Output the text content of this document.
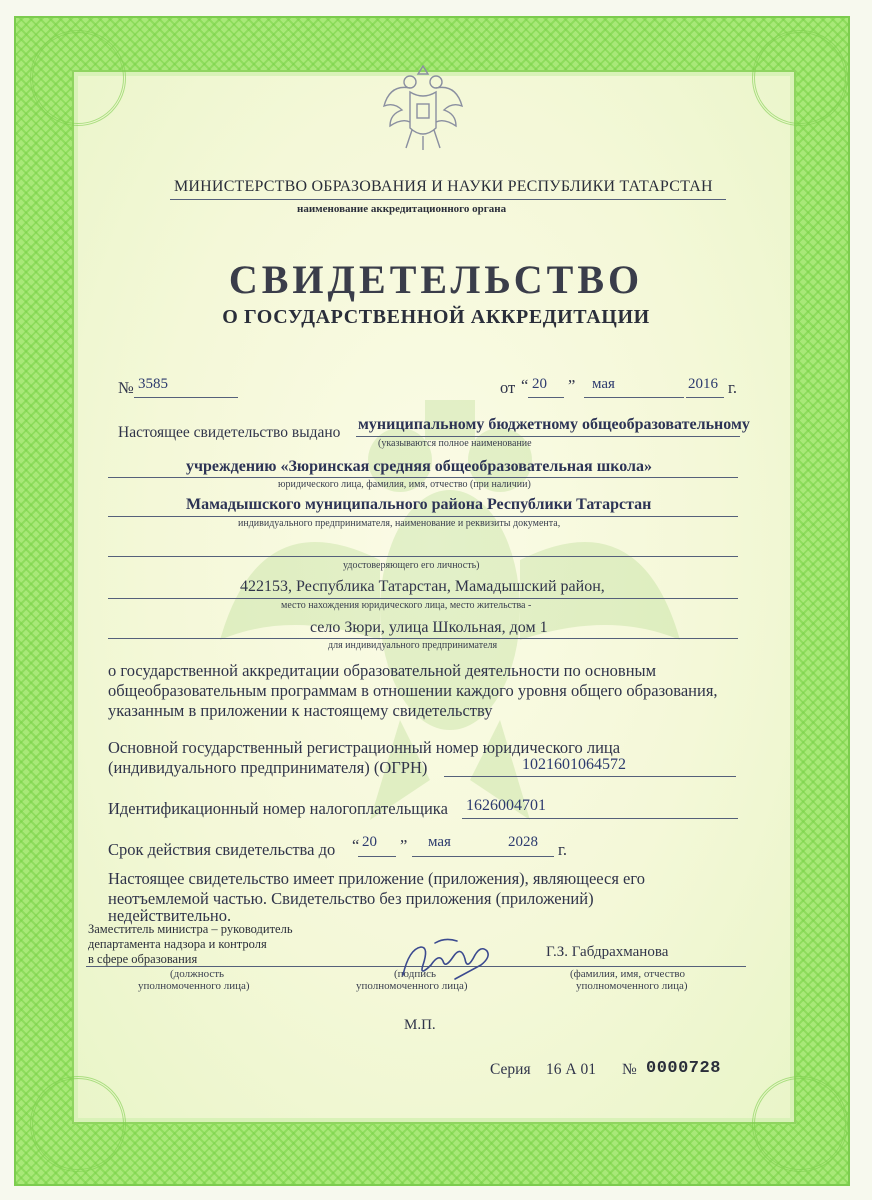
МИНИСТЕРСТВО ОБРАЗОВАНИЯ И НАУКИ РЕСПУБЛИКИ ТАТАРСТАН
наименование аккредитационного органа
СВИДЕТЕЛЬСТВО
О ГОСУДАРСТВЕННОЙ АККРЕДИТАЦИИ
№ 3585	от “ 20 ” мая	2016 г.
Настоящее свидетельство выдано муниципальному бюджетному общеобразовательному
(указываются полное наименование
учреждению «Зюринская средняя общеобразовательная школа»
юридического лица, фамилия, имя, отчество (при наличии)
Мамадышского муниципального района Республики Татарстан
индивидуального предпринимателя, наименование и реквизиты документа,
удостоверяющего его личность)
422153, Республика Татарстан, Мамадышский район,
место нахождения юридического лица, место жительства -
село Зюри, улица Школьная, дом 1
для индивидуального предпринимателя
о государственной аккредитации образовательной деятельности по основным
общеобразовательным программам в отношении каждого уровня общего образования,
указанным в приложении к настоящему свидетельству
Основной государственный регистрационный номер юридического лица
(индивидуального предпринимателя) (ОГРН)	1021601064572
Идентификационный номер налогоплательщика 1626004701
Срок действия свидетельства до “ 20 ” мая	2028 г.
Настоящее свидетельство имеет приложение (приложения), являющееся его
неотъемлемой частью. Свидетельство без приложения (приложений)
недействительно.
Заместитель министра – руководитель
департамента надзора и контроля
в сфере образования
(должность
уполномоченного лица)
(подпись
уполномоченного лица)
Г.З. Габдрахманова
(фамилия, имя, отчество
уполномоченного лица)
М.П.
Серия 16 А 01 № 0000728
